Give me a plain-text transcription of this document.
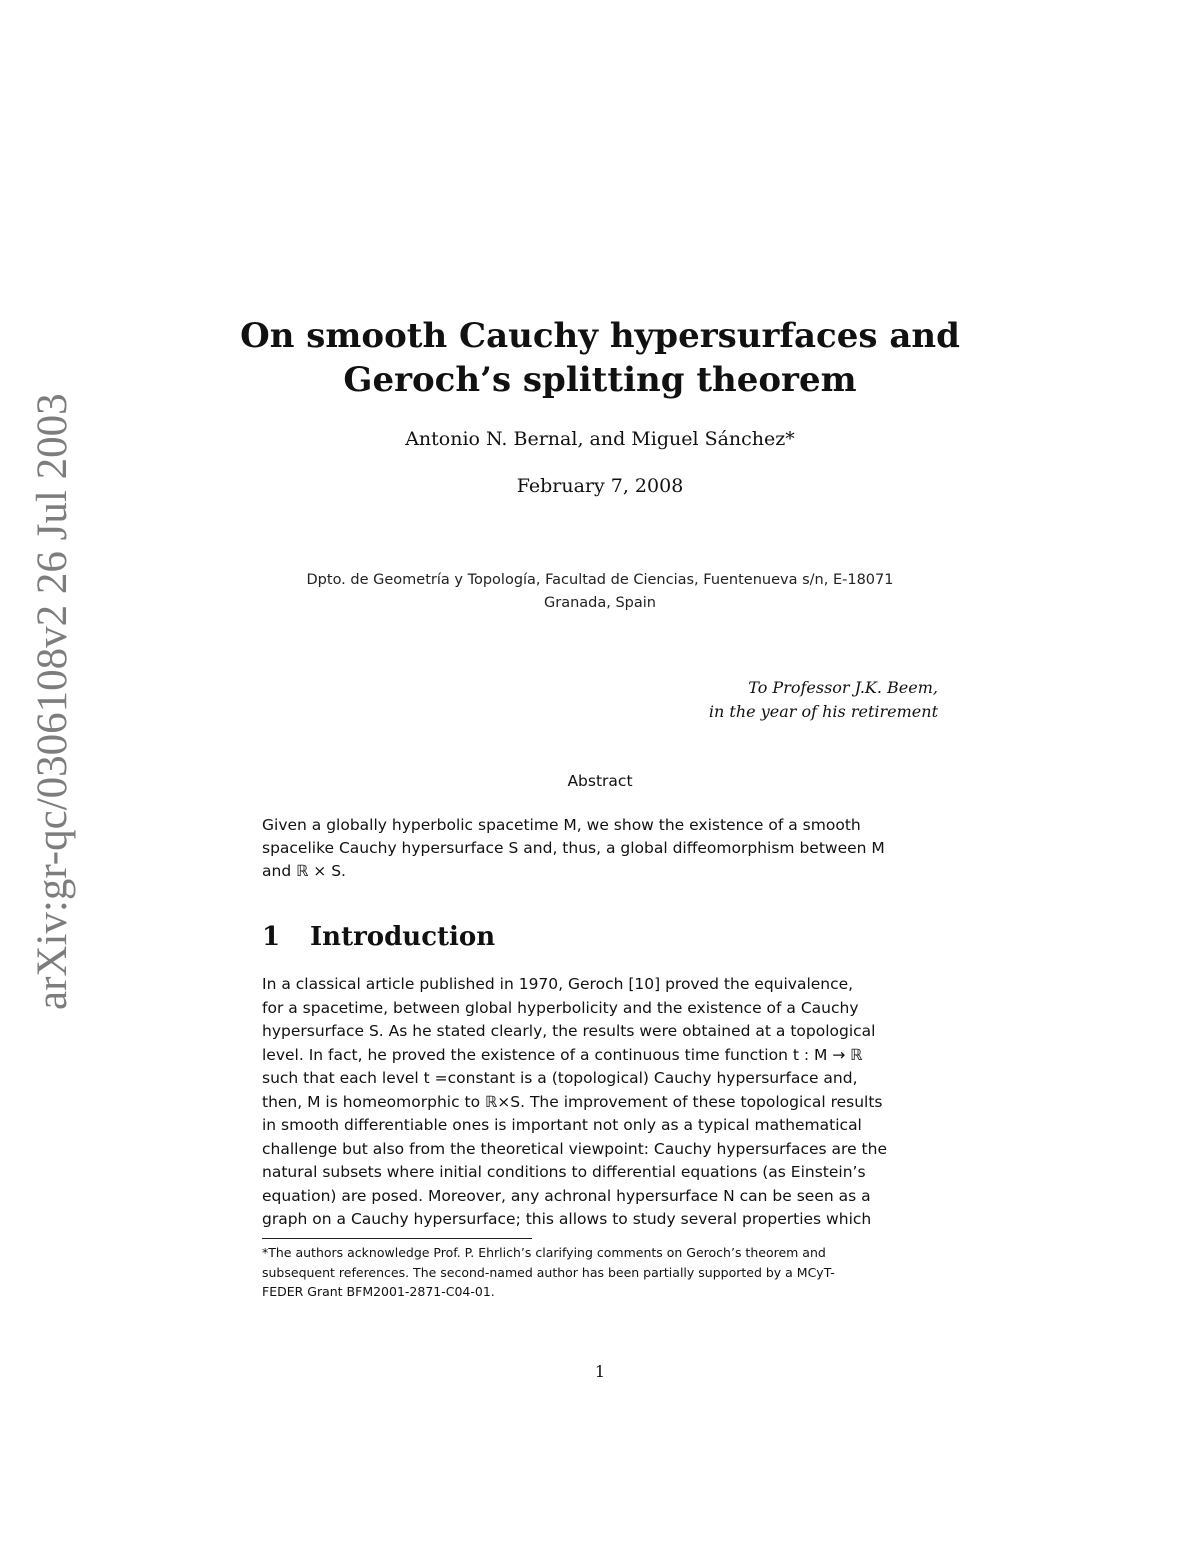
arXiv:gr-qc/0306108v2 26 Jul 2003
On smooth Cauchy hypersurfaces and
Geroch’s splitting theorem
Antonio N. Bernal, and Miguel Sánchez*
February 7, 2008
Dpto. de Geometría y Topología, Facultad de Ciencias, Fuentenueva s/n, E-18071
Granada, Spain
To Professor J.K. Beem,
in the year of his retirement
Abstract
Given a globally hyperbolic spacetime M, we show the existence of a smooth
spacelike Cauchy hypersurface S and, thus, a global diffeomorphism between M
and ℝ × S.
1 Introduction
In a classical article published in 1970, Geroch [10] proved the equivalence,
for a spacetime, between global hyperbolicity and the existence of a Cauchy
hypersurface S. As he stated clearly, the results were obtained at a topological
level. In fact, he proved the existence of a continuous time function t : M → ℝ
such that each level t =constant is a (topological) Cauchy hypersurface and,
then, M is homeomorphic to ℝ×S. The improvement of these topological results
in smooth differentiable ones is important not only as a typical mathematical
challenge but also from the theoretical viewpoint: Cauchy hypersurfaces are the
natural subsets where initial conditions to differential equations (as Einstein’s
equation) are posed. Moreover, any achronal hypersurface N can be seen as a
graph on a Cauchy hypersurface; this allows to study several properties which
*The authors acknowledge Prof. P. Ehrlich’s clarifying comments on Geroch’s theorem and
subsequent references. The second-named author has been partially supported by a MCyT-
FEDER Grant BFM2001-2871-C04-01.
1
